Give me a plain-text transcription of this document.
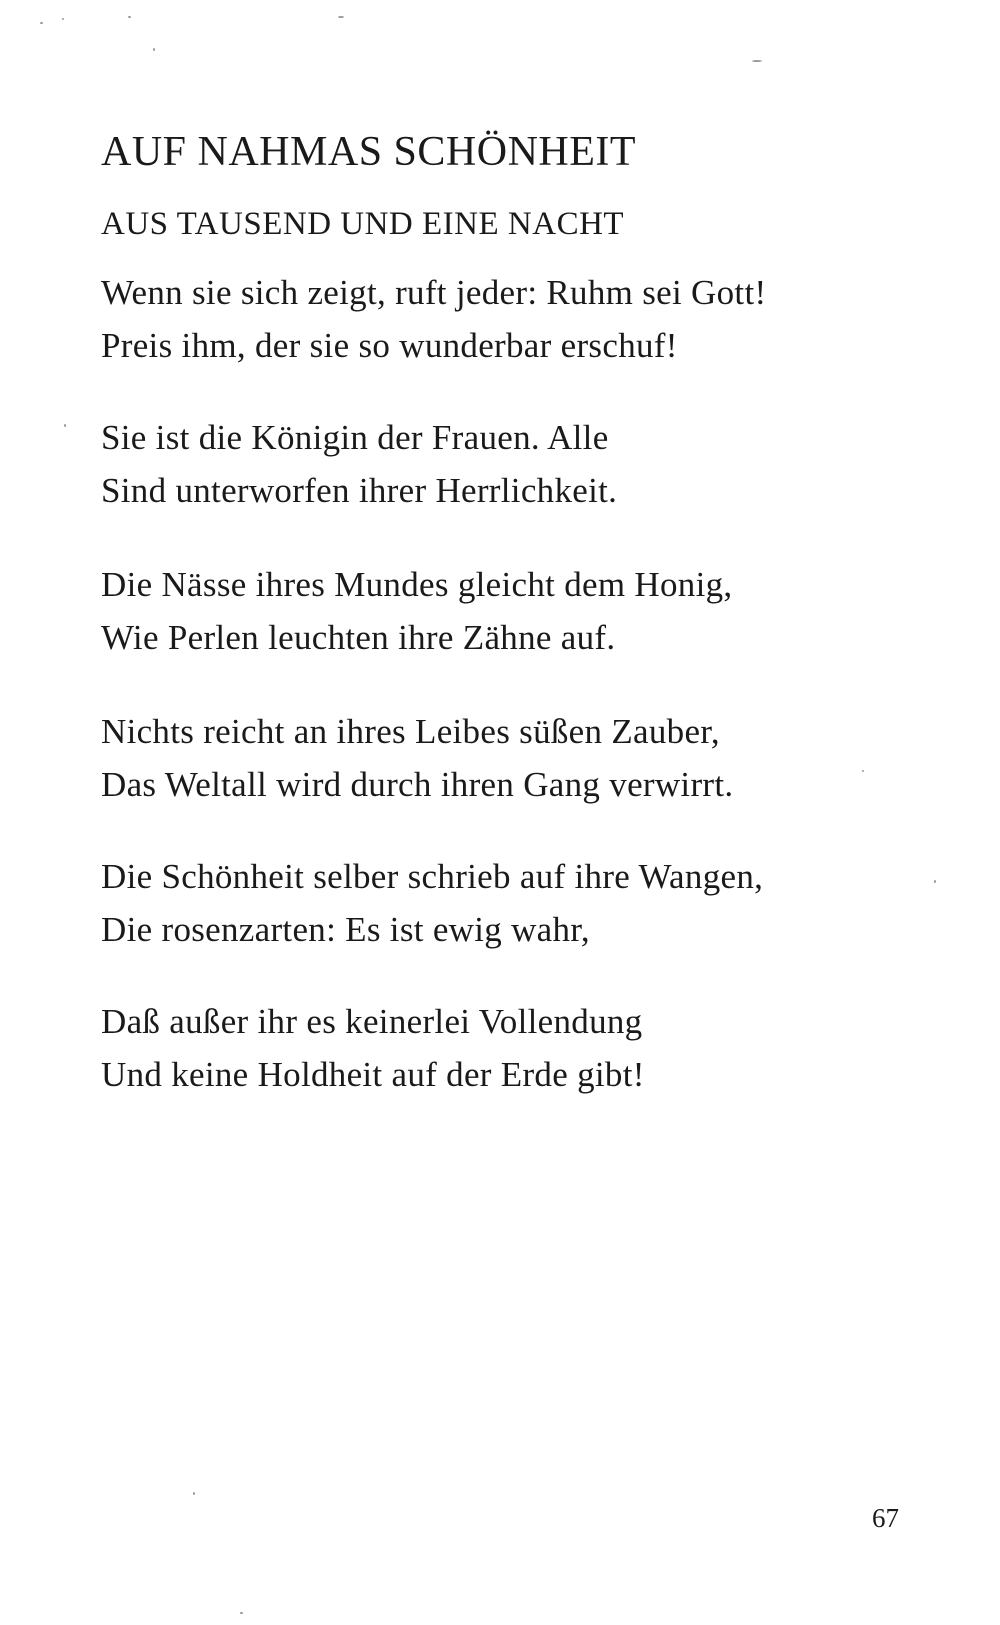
AUF NAHMAS SCHÖNHEIT
AUS TAUSEND UND EINE NACHT
Wenn sie sich zeigt, ruft jeder: Ruhm sei Gott!
Preis ihm, der sie so wunderbar erschuf!
Sie ist die Königin der Frauen. Alle
Sind unterworfen ihrer Herrlichkeit.
Die Nässe ihres Mundes gleicht dem Honig,
Wie Perlen leuchten ihre Zähne auf.
Nichts reicht an ihres Leibes süßen Zauber,
Das Weltall wird durch ihren Gang verwirrt.
Die Schönheit selber schrieb auf ihre Wangen,
Die rosenzarten: Es ist ewig wahr,
Daß außer ihr es keinerlei Vollendung
Und keine Holdheit auf der Erde gibt!
67
